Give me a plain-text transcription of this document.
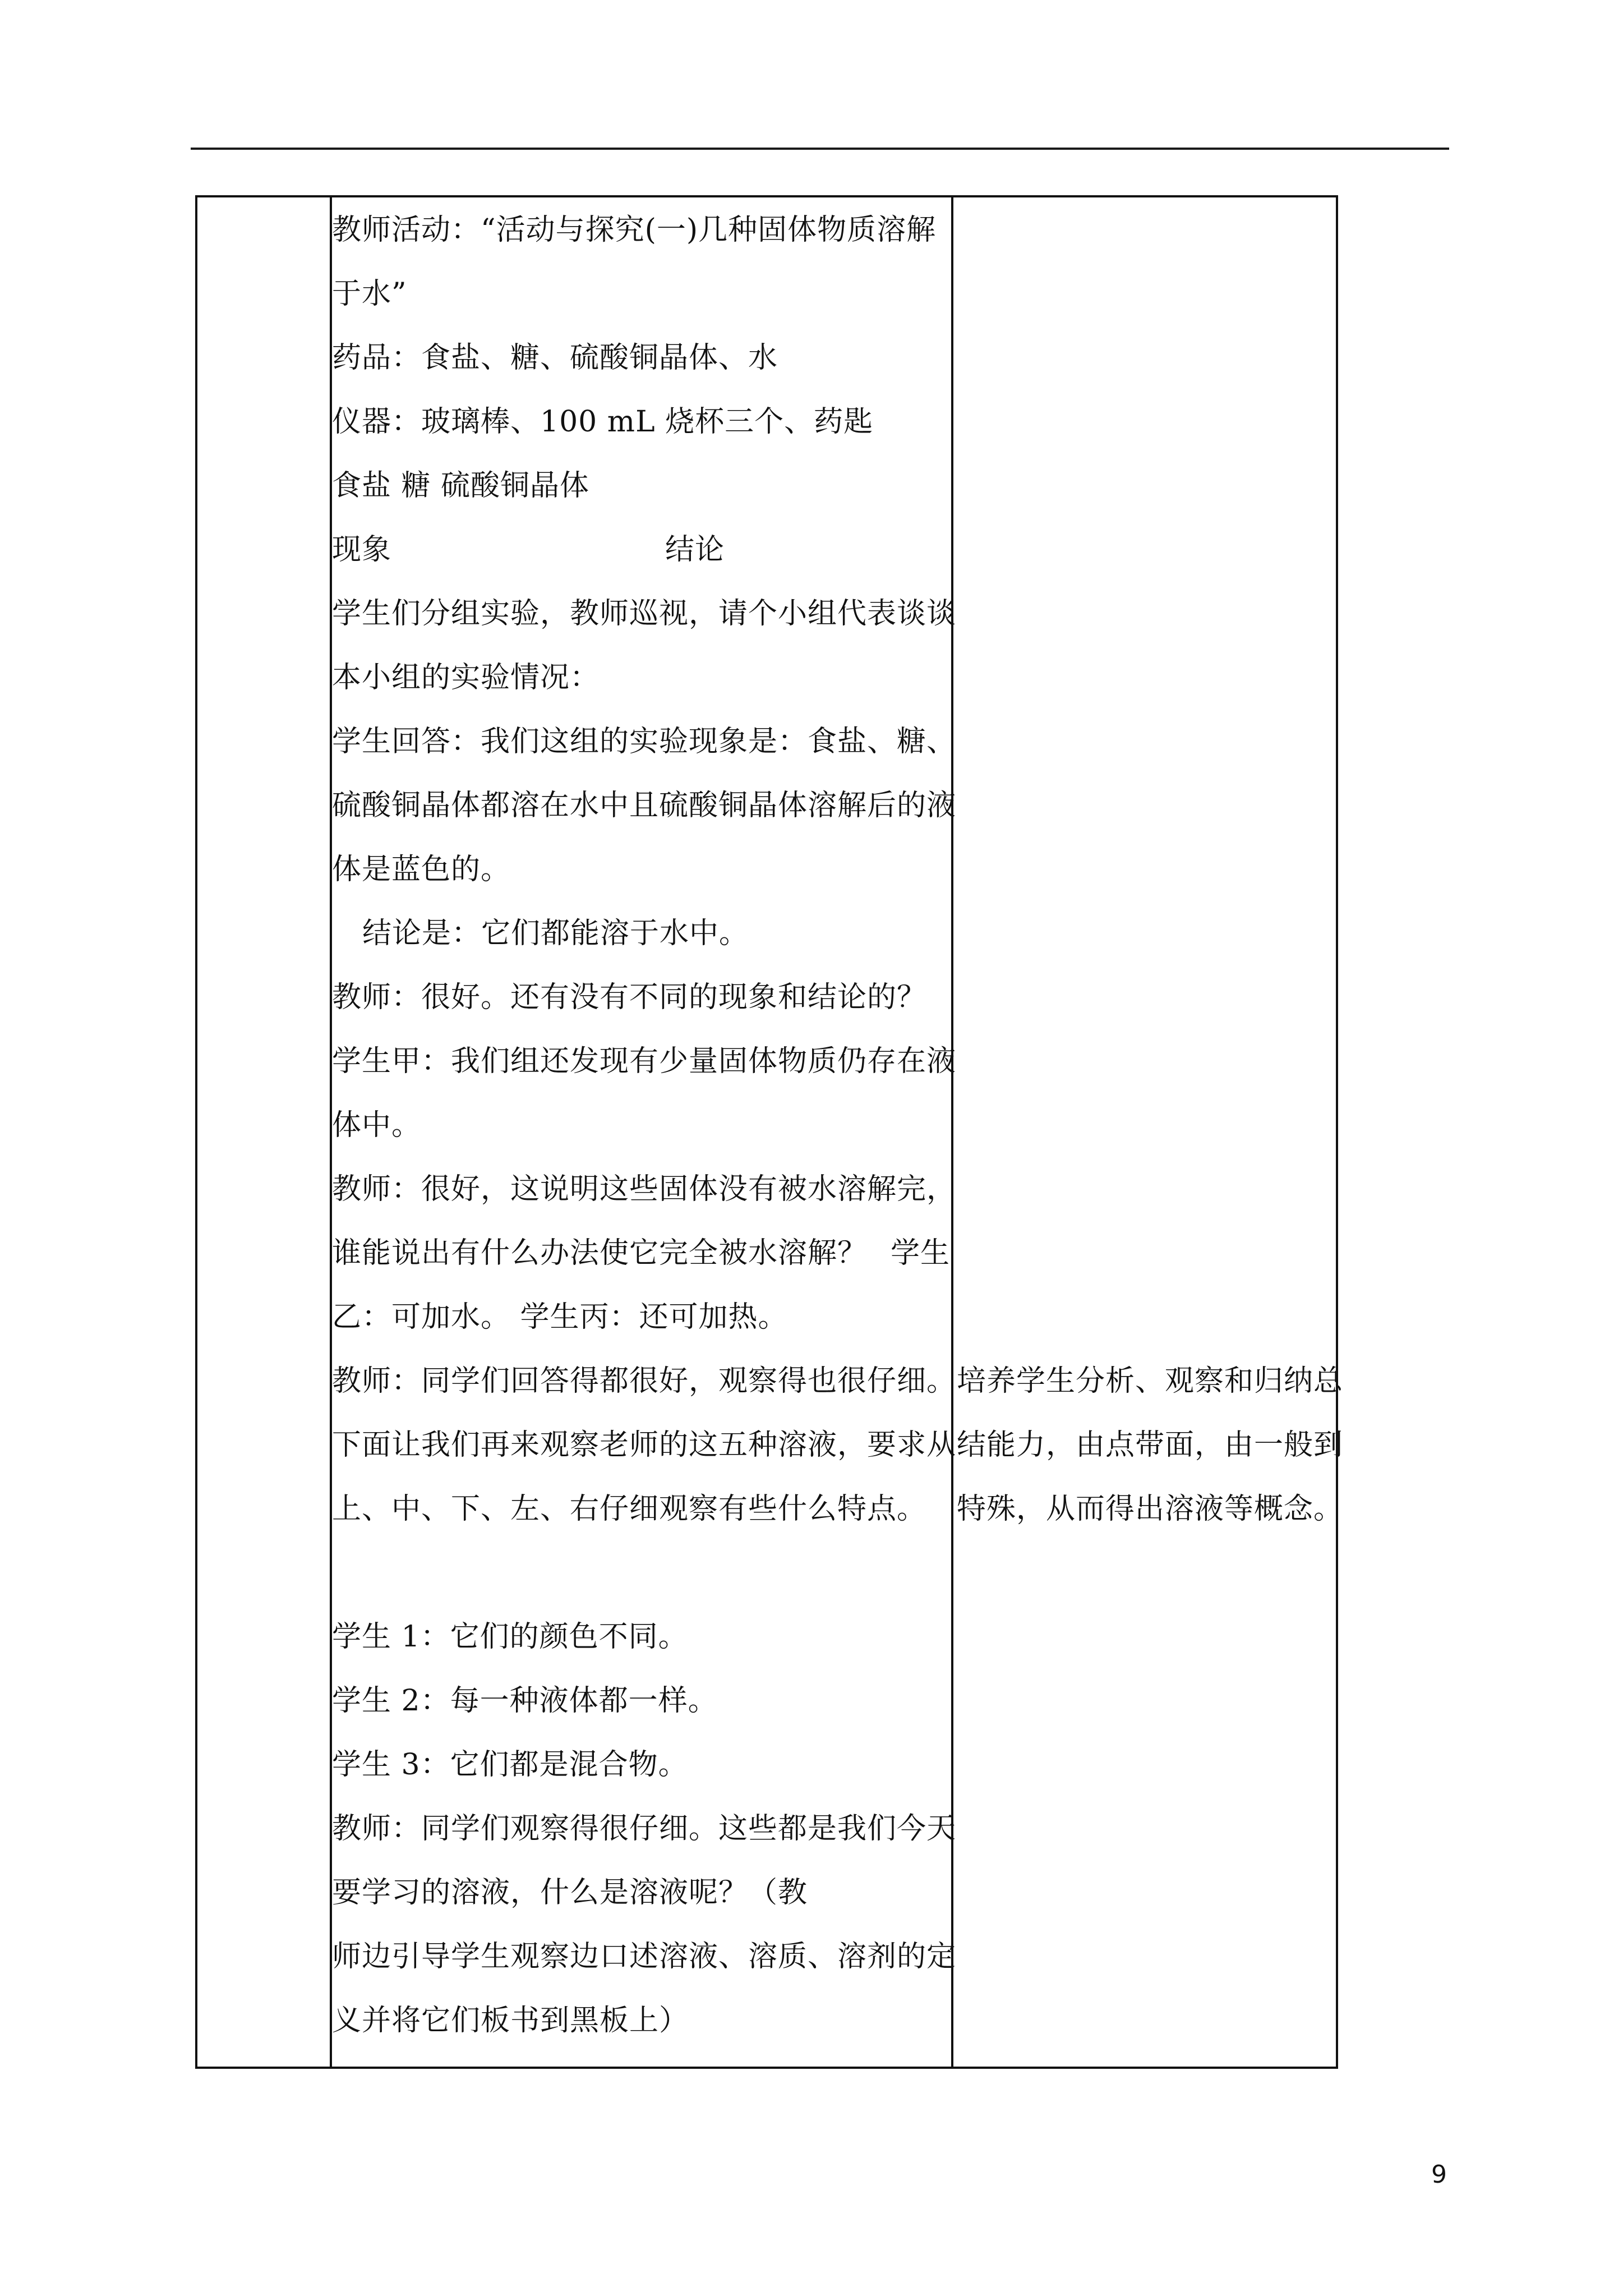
教师活动：“活动与探究(一)几种固体物质溶解
于水”
药品：食盐、糖、硫酸铜晶体、水
仪器：玻璃棒、100 mL 烧杯三个、药匙
食盐 糖 硫酸铜晶体
现象	结论
学生们分组实验，教师巡视，请个小组代表谈谈
本小组的实验情况：
学生回答：我们这组的实验现象是：食盐、糖、
硫酸铜晶体都溶在水中且硫酸铜晶体溶解后的液
体是蓝色的。
结论是：它们都能溶于水中。
教师：很好。还有没有不同的现象和结论的？
学生甲：我们组还发现有少量固体物质仍存在液
体中。
教师：很好，这说明这些固体没有被水溶解完，
谁能说出有什么办法使它完全被水溶解？ 学生
乙：可加水。 学生丙：还可加热。
教师：同学们回答得都很好，观察得也很仔细。
下面让我们再来观察老师的这五种溶液，要求从
上、中、下、左、右仔细观察有些什么特点。
学生 1：它们的颜色不同。
学生 2：每一种液体都一样。
学生 3：它们都是混合物。
教师：同学们观察得很仔细。这些都是我们今天
要学习的溶液，什么是溶液呢？（教
师边引导学生观察边口述溶液、溶质、溶剂的定
义并将它们板书到黑板上）
培养学生分析、观察和归纳总
结能力，由点带面，由一般到
特殊，从而得出溶液等概念。
9
